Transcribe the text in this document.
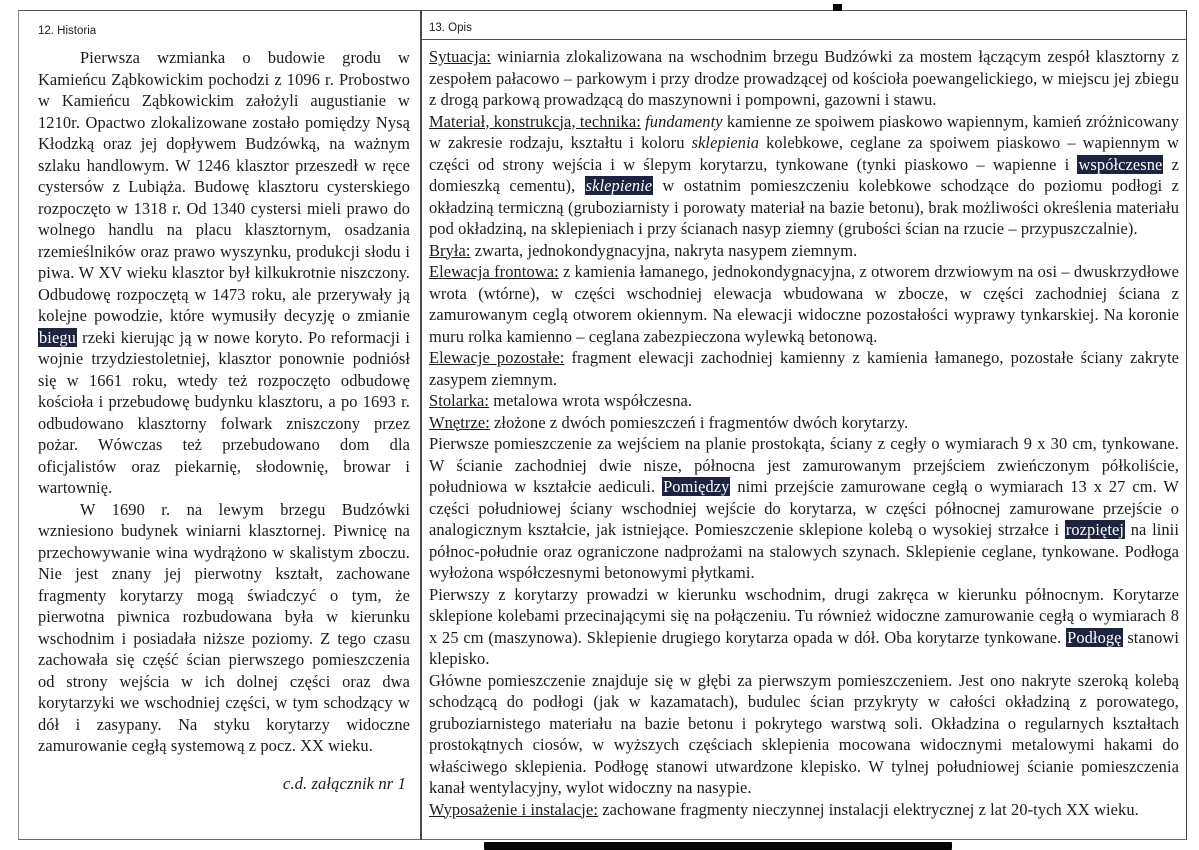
12. Historia

Pierwsza wzmianka o budowie grodu w Kamieńcu Ząbkowickim pochodzi z 1096 r. Probostwo w Kamieńcu Ząbkowickim założyli augustianie w 1210r. Opactwo zlokalizowane zostało pomiędzy Nysą Kłodzką oraz jej dopływem Budzówką, na ważnym szlaku handlowym. W 1246 klasztor przeszedł w ręce cystersów z Lubiąża. Budowę klasztoru cysterskiego rozpoczęto w 1318 r. Od 1340 cystersi mieli prawo do wolnego handlu na placu klasztornym, osadzania rzemieślników oraz prawo wyszynku, produkcji słodu i piwa. W XV wieku klasztor był kilkukrotnie niszczony. Odbudowę rozpoczętą w 1473 roku, ale przerywały ją kolejne powodzie, które wymusiły decyzję o zmianie biegu rzeki kierując ją w nowe koryto. Po reformacji i wojnie trzydziestoletniej, klasztor ponownie podniósł się w 1661 roku, wtedy też rozpoczęto odbudowę kościoła i przebudowę budynku klasztoru, a po 1693 r. odbudowano klasztorny folwark zniszczony przez pożar. Wówczas też przebudowano dom dla oficjalistów oraz piekarnię, słodownię, browar i wartownię.

W 1690 r. na lewym brzegu Budzówki wzniesiono budynek winiarni klasztornej. Piwnicę na przechowywanie wina wydrążono w skalistym zboczu. Nie jest znany jej pierwotny kształt, zachowane fragmenty korytarzy mogą świadczyć o tym, że pierwotna piwnica rozbudowana była w kierunku wschodnim i posiadała niższe poziomy. Z tego czasu zachowała się część ścian pierwszego pomieszczenia od strony wejścia w ich dolnej części oraz dwa korytarzyki we wschodniej części, w tym schodzący w dół i zasypany. Na styku korytarzy widoczne zamurowanie cegłą systemową z pocz. XX wieku.

c.d. załącznik nr 1

13. Opis

Sytuacja: winiarnia zlokalizowana na wschodnim brzegu Budzówki za mostem łączącym zespół klasztorny z zespołem pałacowo – parkowym i przy drodze prowadzącej od kościoła poewangelickiego, w miejscu jej zbiegu z drogą parkową prowadzącą do maszynowni i pompowni, gazowni i stawu.

Materiał, konstrukcja, technika: fundamenty kamienne ze spoiwem piaskowo wapiennym, kamień zróżnicowany w zakresie rodzaju, kształtu i koloru sklepienia kolebkowe, ceglane za spoiwem piaskowo – wapiennym w części od strony wejścia i w ślepym korytarzu, tynkowane (tynki piaskowo – wapienne i współczesne z domieszką cementu), sklepienie w ostatnim pomieszczeniu kolebkowe schodzące do poziomu podłogi z okładziną termiczną (gruboziarnisty i porowaty materiał na bazie betonu), brak możliwości określenia materiału pod okładziną, na sklepieniach i przy ścianach nasyp ziemny (grubości ścian na rzucie – przypuszczalnie).

Bryła: zwarta, jednokondygnacyjna, nakryta nasypem ziemnym.

Elewacja frontowa: z kamienia łamanego, jednokondygnacyjna, z otworem drzwiowym na osi – dwuskrzydłowe wrota (wtórne), w części wschodniej elewacja wbudowana w zbocze, w części zachodniej ściana z zamurowanym ceglą otworem okiennym. Na elewacji widoczne pozostałości wyprawy tynkarskiej. Na koronie muru rolka kamienno – ceglana zabezpieczona wylewką betonową.

Elewacje pozostałe: fragment elewacji zachodniej kamienny z kamienia łamanego, pozostałe ściany zakryte zasypem ziemnym.

Stolarka: metalowa wrota współczesna.

Wnętrze: złożone z dwóch pomieszczeń i fragmentów dwóch korytarzy.

Pierwsze pomieszczenie za wejściem na planie prostokąta, ściany z cegły o wymiarach 9 x 30 cm, tynkowane. W ścianie zachodniej dwie nisze, północna jest zamurowanym przejściem zwieńczonym półkoliście, południowa w kształcie aediculi. Pomiędzy nimi przejście zamurowane cegłą o wymiarach 13 x 27 cm. W części południowej ściany wschodniej wejście do korytarza, w części północnej zamurowane przejście o analogicznym kształcie, jak istniejące. Pomieszczenie sklepione kolebą o wysokiej strzałce i rozpiętej na linii północ-południe oraz ograniczone nadprożami na stalowych szynach. Sklepienie ceglane, tynkowane. Podłoga wyłożona współczesnymi betonowymi płytkami.

Pierwszy z korytarzy prowadzi w kierunku wschodnim, drugi zakręca w kierunku północnym. Korytarze sklepione kolebami przecinającymi się na połączeniu. Tu również widoczne zamurowanie cegłą o wymiarach 8 x 25 cm (maszynowa). Sklepienie drugiego korytarza opada w dół. Oba korytarze tynkowane. Podłogę stanowi klepisko.

Główne pomieszczenie znajduje się w głębi za pierwszym pomieszczeniem. Jest ono nakryte szeroką kolebą schodzącą do podłogi (jak w kazamatach), budulec ścian przykryty w całości okładziną z porowatego, gruboziarnistego materiału na bazie betonu i pokrytego warstwą soli. Okładzina o regularnych kształtach prostokątnych ciosów, w wyższych częściach sklepienia mocowana widocznymi metalowymi hakami do właściwego sklepienia. Podłogę stanowi utwardzone klepisko. W tylnej południowej ścianie pomieszczenia kanał wentylacyjny, wylot widoczny na nasypie.

Wyposażenie i instalacje: zachowane fragmenty nieczynnej instalacji elektrycznej z lat 20-tych XX wieku.
